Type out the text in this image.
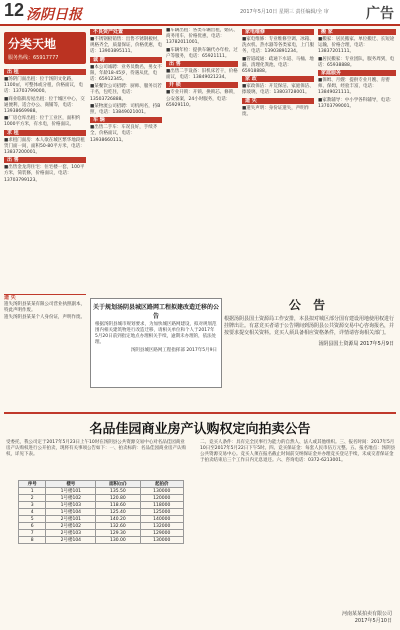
12 汤阴日报	2017年5月10日 星期三 责任编辑/全 审	广告
分类天地
服务热线：65917777
出 租

■汤阴门面出租：位于汤阴文化路，1100㎡，可整体或分租，价格面议，电话：13703799000。

■商业临街房屋出租：位于城区中心，交通便利，适合办公、商铺等，电话：13938669988。

■厂房仓库出租：位于工业区，面积约1000平方米，有水电，价格面议。

求 租

■求租门面房：本人欲在城区繁华地段租赁门面一间，面积50-80平方米，电话：13837200001。

出 售

■出售金龙湾住宅：住宅楼一套，100平方米，简装修，价格面议，电话：13703799123。

不良资产处置

■不锈钢板销售：出售不锈钢板材，规格齐全，质量保证，价格优惠，电话：13903895111。

诚 聘

■本公司诚聘：业务员数名，男女不限，年龄18-45岁，待遇从优，电话：65912345。

■某餐饮公司招聘：厨师、服务员若干名，包吃住，电话：13503726888。

■某物流公司招聘：司机两名，持B照，电话：13849021001。

车 辆

■出售二手车：车况良好，手续齐全，价格面议，电话：13938660111。

■车辆出租：各类车辆出租，婚庆、商务用车，价格优惠，电话：13782011001。

■车辆年检：提供车辆代办年检、过户等服务，电话：65921111。

出 售

■出售二手设备：旧机床若干，价格面议，电话：13849021234。

开 锁

■专业开锁：开锁、换锁芯、修锁，公安备案，24小时服务，电话：65929110。

家电维修

■家电维修：专业维修空调、冰箱、洗衣机、热水器等各类家电，上门服务，电话：13903891234。

■管道疏通：疏通下水道、马桶、地漏，清理化粪池，电话：65918888。

家 政

■家政保洁：开荒保洁、家庭保洁、擦玻璃，电话：13803728001。

遗 失

■遗失声明：身份证遗失，声明作废。

搬 家

■搬家：居民搬家、单位搬迁、长短途运输，价格合理，电话：13837201111。

■居民搬家：专业团队，服务周到，电话：65938888。

家庭服务

■保姆、月嫂：提供专业月嫂、育婴师、保姆，经验丰富，电话：13849021111。

■家教辅导：中小学各科辅导，电话：13703799001。

遗 失

遗失汤阴县某某有限公司营业执照副本，特此声明作废。

遗失汤阴县某某个人身份证，声明作废。

关于规划汤阴县城区路网工程拟建改造迁移的公告
根据汤阴县城市规划要求，为加快城区路网建设，拟对规划范围内相关建筑物进行改造迁移，请相关单位和个人于2017年5月20日前到指定地点办理相关手续，逾期未办理的，依法处理。
汤阴县城区路网工程指挥部 2017年5月9日
公 告
根据汤阴县国土资源局工作安排，本县拟对城区部分国有建设用地使用权进行挂牌出让。有意竞买者请于公告期间到汤阴县公共资源交易中心咨询报名，并按要求提交相关资料。竞买人须具备相应资格条件，详情请咨询相关部门。
汤阴县国土资源局 2017年5月9日
名品佳园商业房产认购权定向拍卖公告
受委托，我公司定于2017年5月23日上午10时在汤阴县公共资源交易中心对名品佳园商业房产认购权进行公开拍卖，现将有关事项公告如下：一、拍卖标的：名品佳园商业房产认购权，详见下表。
二、竞买人条件：具有完全民事行为能力的自然人、法人或其他组织。三、报名时间：2017年5月10日至2017年5月22日下午5时。四、竞买保证金：每套人民币伍万元整。五、报名地点：汤阴县公共资源交易中心。竞买人须在报名截止时间前交纳保证金并办理竞买登记手续，未成交者保证金于拍卖结束后三个工作日内无息退还。六、咨询电话：0372-6213001。
序号	楼号	面积(㎡)	起拍价
1	1号楼101	135.50	130000
2	1号楼102	120.80	120000
3	1号楼103	118.60	118000
4	1号楼104	125.40	125000
5	2号楼101	140.20	140000
6	2号楼102	132.60	132000
7	2号楼103	129.30	129000
8	2号楼104	130.00	130000
河南某某拍卖有限公司
2017年5月10日
